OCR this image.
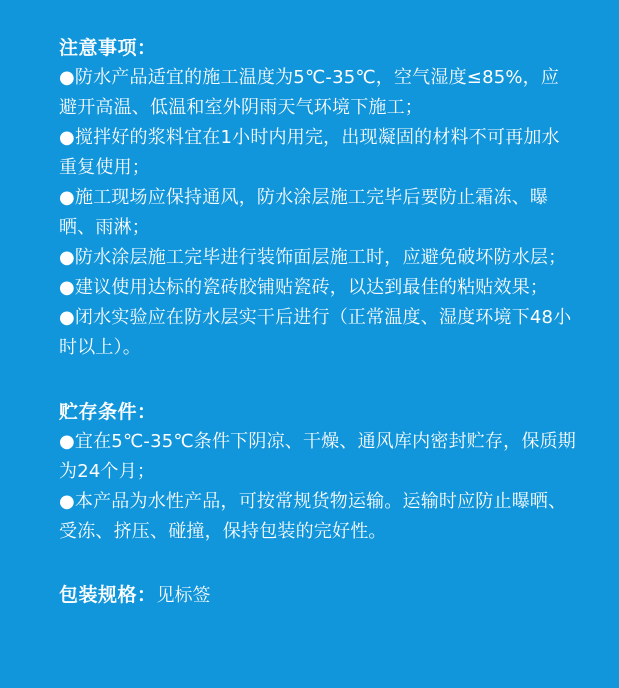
注意事项：

●防水产品适宜的施工温度为5℃-35℃，空气湿度≤85%，应避开高温、低温和室外阴雨天气环境下施工；

●搅拌好的浆料宜在1小时内用完，出现凝固的材料不可再加水重复使用；

●施工现场应保持通风，防水涂层施工完毕后要防止霜冻、曝晒、雨淋；

●防水涂层施工完毕进行装饰面层施工时，应避免破坏防水层；

●建议使用达标的瓷砖胶铺贴瓷砖，以达到最佳的粘贴效果；

●闭水实验应在防水层实干后进行（正常温度、湿度环境下48小时以上）。

贮存条件：

●宜在5℃-35℃条件下阴凉、干燥、通风库内密封贮存，保质期为24个月；

●本产品为水性产品，可按常规货物运输。运输时应防止曝晒、受冻、挤压、碰撞，保持包装的完好性。

包装规格：见标签
